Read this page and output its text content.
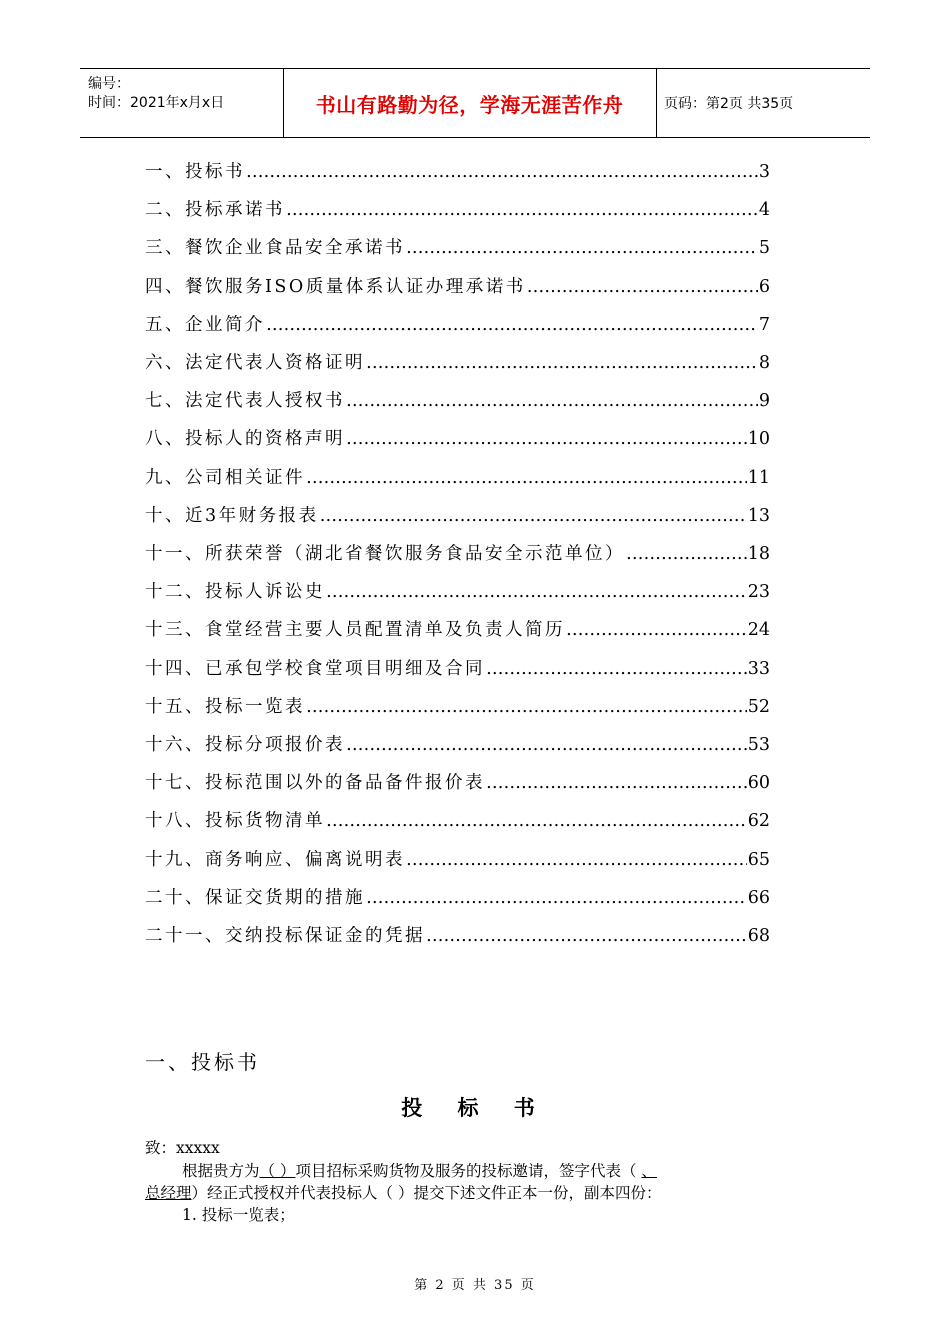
编号：
时间：2021年x月x日	书山有路勤为径，学海无涯苦作舟	页码：第2页 共35页
一、投标书 ……………………………………………………………………………………………………………………………………………………………………	3
二、投标承诺书 ……………………………………………………………………………………………………………………………………………………………………	4
三、餐饮企业食品安全承诺书 ……………………………………………………………………………………………………………………………………………………………………	5
四、餐饮服务ISO质量体系认证办理承诺书 ……………………………………………………………………………………………………………………………………………………………………	6
五、企业简介 ……………………………………………………………………………………………………………………………………………………………………	7
六、法定代表人资格证明 ……………………………………………………………………………………………………………………………………………………………………	8
七、法定代表人授权书 ……………………………………………………………………………………………………………………………………………………………………	9
八、投标人的资格声明 ……………………………………………………………………………………………………………………………………………………………………	10
九、公司相关证件 ……………………………………………………………………………………………………………………………………………………………………	11
十、近3年财务报表 ……………………………………………………………………………………………………………………………………………………………………	13
十一、所获荣誉（湖北省餐饮服务食品安全示范单位） ……………………………………………………………………………………………………………………………………………………………………	18
十二、投标人诉讼史 ……………………………………………………………………………………………………………………………………………………………………	23
十三、食堂经营主要人员配置清单及负责人简历 ……………………………………………………………………………………………………………………………………………………………………	24
十四、已承包学校食堂项目明细及合同 ……………………………………………………………………………………………………………………………………………………………………	33
十五、投标一览表 ……………………………………………………………………………………………………………………………………………………………………	52
十六、投标分项报价表 ……………………………………………………………………………………………………………………………………………………………………	53
十七、投标范围以外的备品备件报价表 ……………………………………………………………………………………………………………………………………………………………………	60
十八、投标货物清单 ……………………………………………………………………………………………………………………………………………………………………	62
十九、商务响应、偏离说明表 ……………………………………………………………………………………………………………………………………………………………………	65
二十、保证交货期的措施 ……………………………………………………………………………………………………………………………………………………………………	66
二十一、交纳投标保证金的凭据 ……………………………………………………………………………………………………………………………………………………………………	68
一、投标书
投 标 书
致：xxxxx
根据贵方为（ ）项目招标采购货物及服务的投标邀请，签字代表（ 、
总经理）经正式授权并代表投标人（ ）提交下述文件正本一份，副本四份：
1. 投标一览表；
第 2 页 共 35 页
